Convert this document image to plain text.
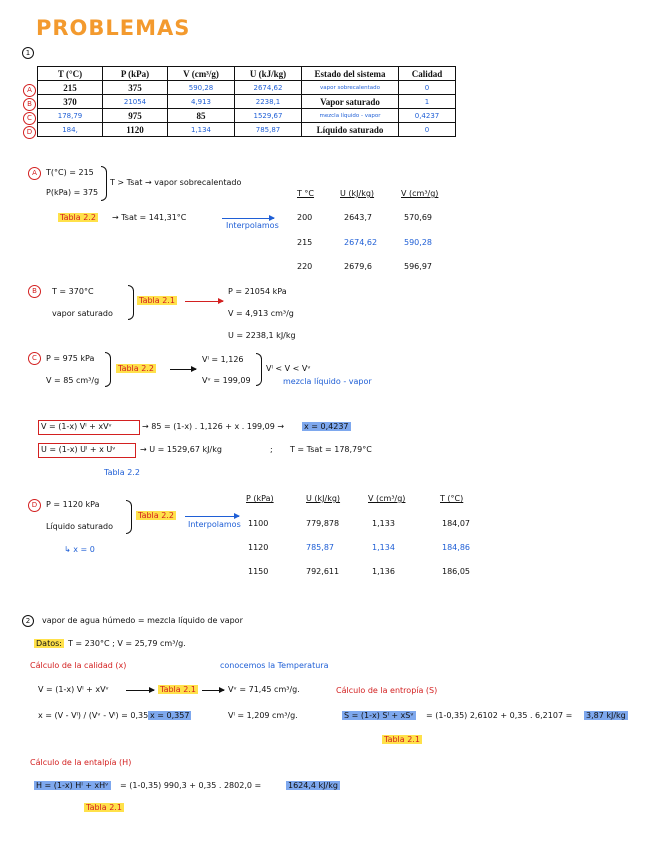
PROBLEMAS
1
T (°C)	P (kPa)	V (cm³/g)	U (kJ/kg)	Estado del sistema	Calidad
215	375	590,28	2674,62	vapor sobrecalentado	0
370	21054	4,913	2238,1	Vapor saturado	1
178,79	975	85	1529,67	mezcla líquido - vapor	0,4237
184,	1120	1,134	785,87	Líquido saturado	0
A
B
C
D
A	T(°C) = 215
P(kPa) = 375
T > Tsat → vapor sobrecalentado
Tabla 2.2 → Tsat = 141,31°C
Interpolamos
T °C	U (kJ/kg)	V (cm³/g)
200	2643,7	570,69
215	2674,62	590,28
220	2679,6	596,97
B	T = 370°C
vapor saturado
Tabla 2.1
P = 21054 kPa
V = 4,913 cm³/g
U = 2238,1 kJ/kg
C	P = 975 kPa
V = 85 cm³/g
Tabla 2.2
Vˡ = 1,126
Vᵛ = 199,09
Vˡ < V < Vᵛ
mezcla líquido - vapor
V = (1-x) Vˡ + xVᵛ	→ 85 = (1-x) . 1,126 + x . 199,09 → x = 0,4237
U = (1-x) Uˡ + x Uᵛ	→ U = 1529,67 kJ/kg	; T = Tsat = 178,79°C
Tabla 2.2
D	P = 1120 kPa
Líquido saturado
Tabla 2.2
Interpolamos
↳ x = 0
P (kPa)	U (kJ/kg)	V (cm³/g)	T (°C)
1100	779,878	1,133	184,07
1120	785,87	1,134	184,86
1150	792,611	1,136	186,05
2	vapor de agua húmedo = mezcla líquido de vapor
Datos: T = 230°C ; V = 25,79 cm³/g.
Cálculo de la calidad (x)	conocemos la Temperatura
V = (1-x) Vˡ + xVᵛ	Tabla 2.1	Vᵛ = 71,45 cm³/g.
x = (V - Vˡ) / (Vᵛ - Vˡ) = 0,35 x = 0,357	Vˡ = 1,209 cm³/g.
Cálculo de la entropía (S)
S = (1-x) Sˡ + xSᵛ = (1-0,35) 2,6102 + 0,35 . 6,2107 = 3,87 kJ/kg
Tabla 2.1
Cálculo de la entalpía (H)
H = (1-x) Hˡ + xHᵛ = (1-0,35) 990,3 + 0,35 . 2802,0 =	1624,4 kJ/kg
Tabla 2.1
